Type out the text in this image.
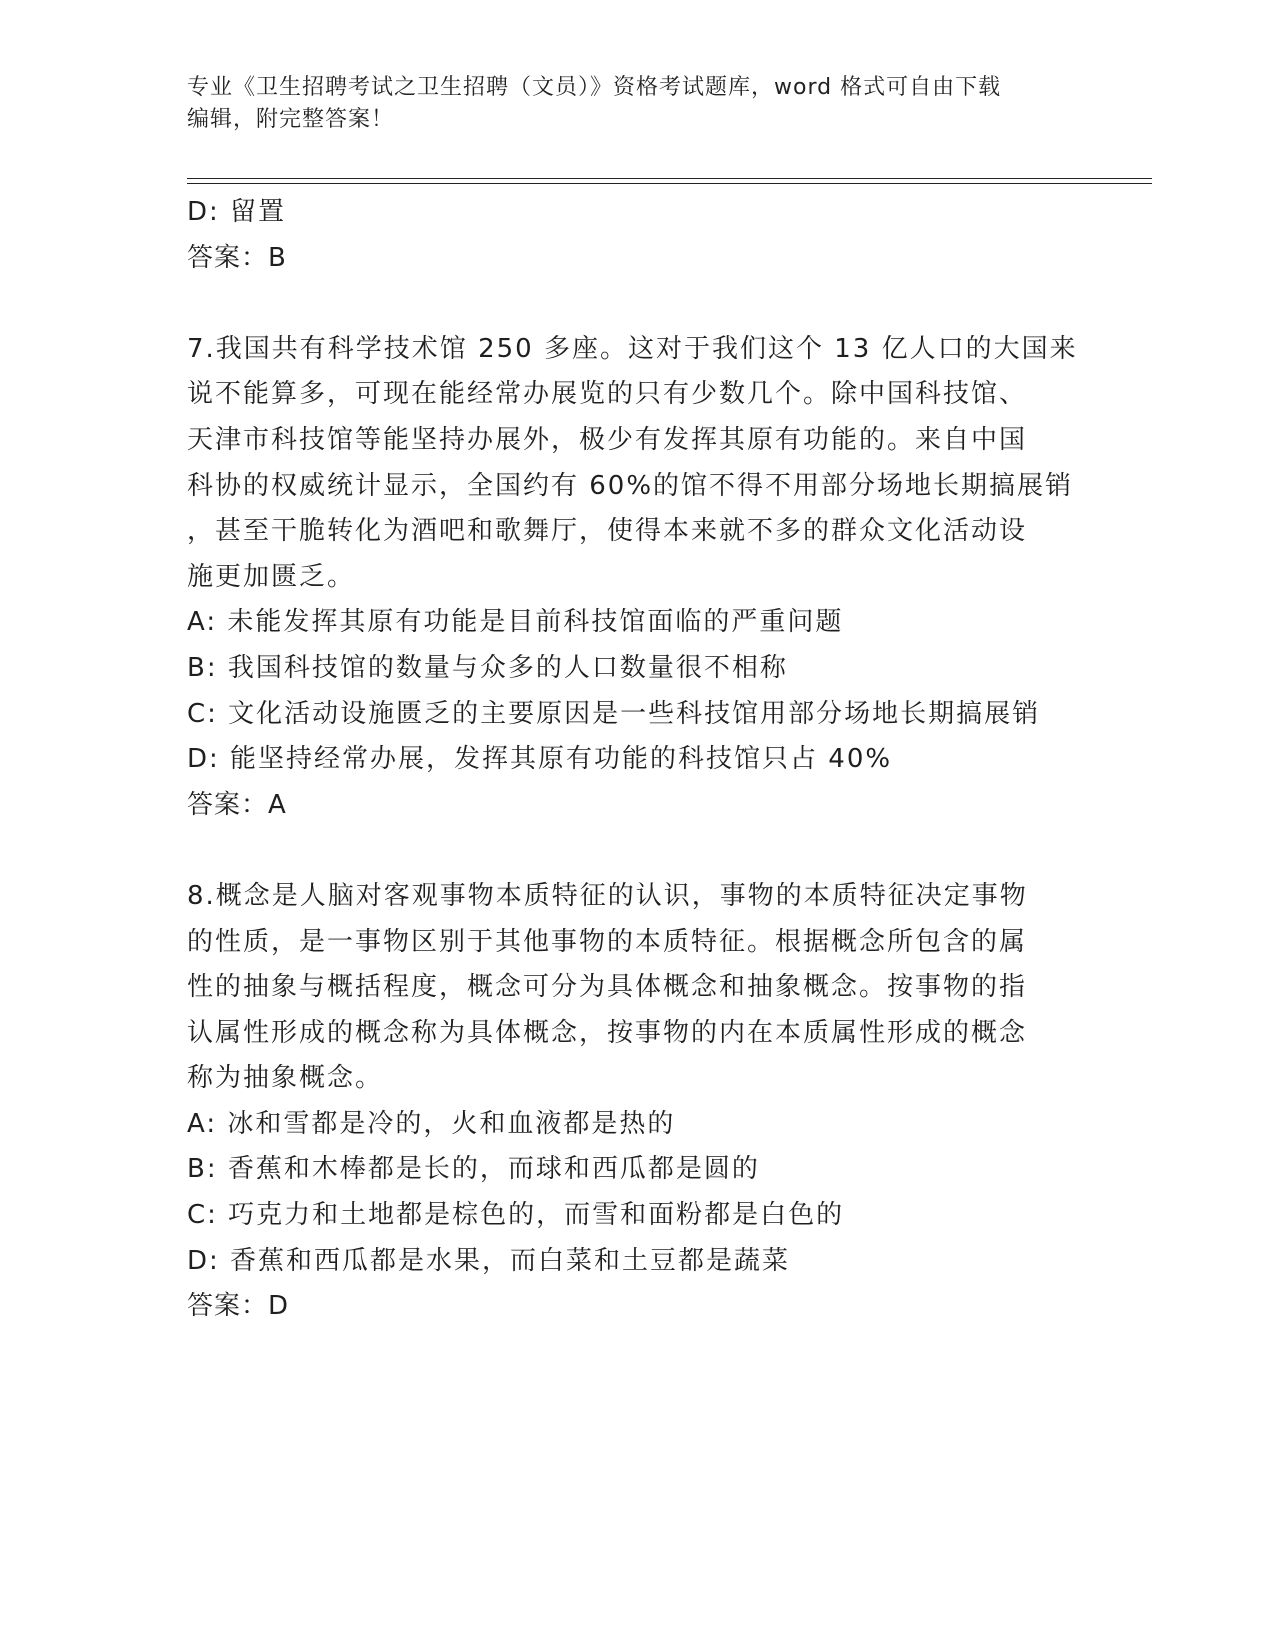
专业《卫生招聘考试之卫生招聘（文员）》资格考试题库，word 格式可自由下载
编辑，附完整答案！
D: 留置
答案：B
7.我国共有科学技术馆 250 多座。这对于我们这个 13 亿人口的大国来
说不能算多，可现在能经常办展览的只有少数几个。除中国科技馆、
天津市科技馆等能坚持办展外，极少有发挥其原有功能的。来自中国
科协的权威统计显示，全国约有 60%的馆不得不用部分场地长期搞展销
，甚至干脆转化为酒吧和歌舞厅，使得本来就不多的群众文化活动设
施更加匮乏。
A: 未能发挥其原有功能是目前科技馆面临的严重问题
B: 我国科技馆的数量与众多的人口数量很不相称
C: 文化活动设施匮乏的主要原因是一些科技馆用部分场地长期搞展销
D: 能坚持经常办展，发挥其原有功能的科技馆只占 40%
答案：A
8.概念是人脑对客观事物本质特征的认识，事物的本质特征决定事物
的性质，是一事物区别于其他事物的本质特征。根据概念所包含的属
性的抽象与概括程度，概念可分为具体概念和抽象概念。按事物的指
认属性形成的概念称为具体概念，按事物的内在本质属性形成的概念
称为抽象概念。
A: 冰和雪都是冷的，火和血液都是热的
B: 香蕉和木棒都是长的，而球和西瓜都是圆的
C: 巧克力和土地都是棕色的，而雪和面粉都是白色的
D: 香蕉和西瓜都是水果，而白菜和土豆都是蔬菜
答案：D
